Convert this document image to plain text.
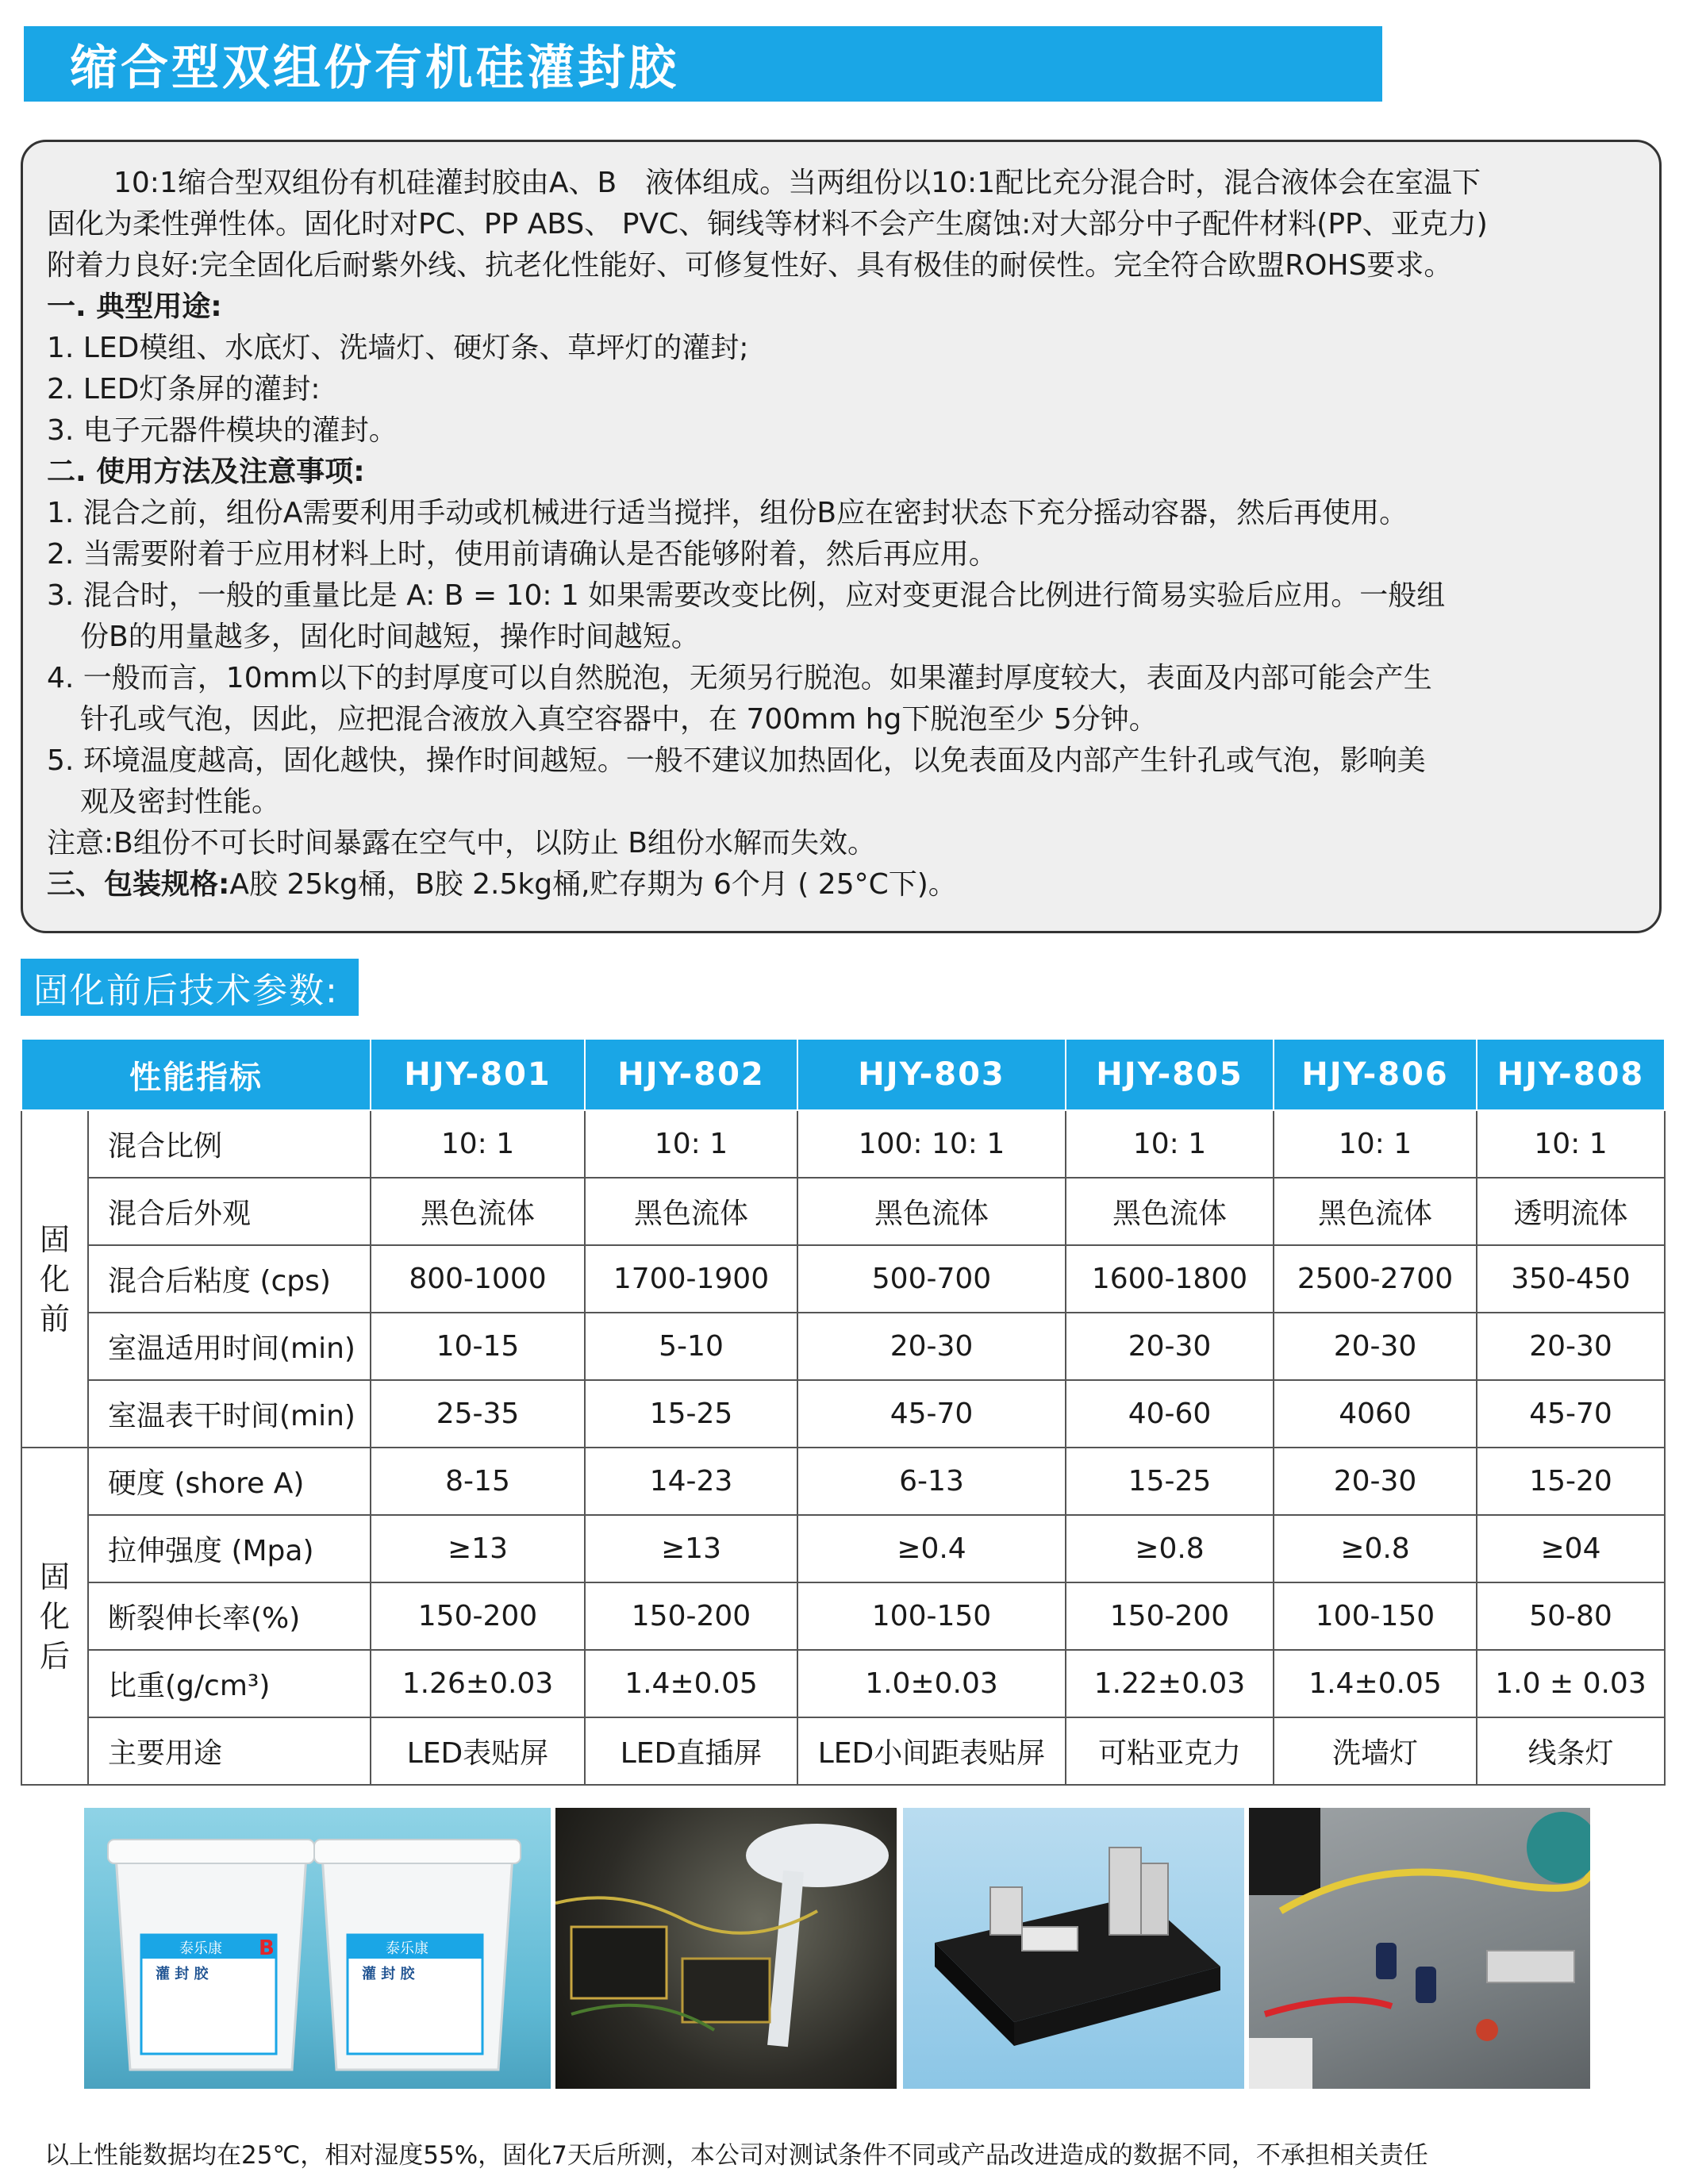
缩合型双组份有机硅灌封胶

10:1缩合型双组份有机硅灌封胶由A、B　液体组成。当两组份以10:1配比充分混合时，混合液体会在室温下

固化为柔性弹性体。固化时对PC、PP ABS、 PVC、铜线等材料不会产生腐蚀:对大部分中子配件材料(PP、亚克力)

附着力良好:完全固化后耐紫外线、抗老化性能好、可修复性好、具有极佳的耐侯性。完全符合欧盟ROHS要求。

一. 典型用途:

1. LED模组、水底灯、洗墙灯、硬灯条、草坪灯的灌封;

2. LED灯条屏的灌封:

3. 电子元器件模块的灌封。

二. 使用方法及注意事项:

1. 混合之前，组份A需要利用手动或机械进行适当搅拌，组份B应在密封状态下充分摇动容器，然后再使用。

2. 当需要附着于应用材料上时，使用前请确认是否能够附着，然后再应用。

3. 混合时，一般的重量比是 A: B = 10: 1 如果需要改变比例，应对变更混合比例进行简易实验后应用。一般组

份B的用量越多，固化时间越短，操作时间越短。

4. 一般而言，10mm以下的封厚度可以自然脱泡，无须另行脱泡。如果灌封厚度较大，表面及内部可能会产生

针孔或气泡，因此，应把混合液放入真空容器中，在 700mm hg下脱泡至少 5分钟。

5. 环境温度越高，固化越快，操作时间越短。一般不建议加热固化，以免表面及内部产生针孔或气泡，影响美

观及密封性能。

注意:B组份不可长时间暴露在空气中，以防止 B组份水解而失效。

三、包装规格:A胶 25kg桶，B胶 2.5kg桶,贮存期为 6个月 ( 25°C下)。

固化前后技术参数:
性能指标		HJY-801	HJY-802	HJY-803	HJY-805	HJY-806	HJY-808
固化前	混合比例	10: 1	10: 1	100: 10: 1	10: 1	10: 1	10: 1
	混合后外观	黑色流体	黑色流体	黑色流体	黑色流体	黑色流体	透明流体
	混合后粘度 (cps)	800-1000	1700-1900	500-700	1600-1800	2500-2700	350-450
	室温适用时间(min)	10-15	5-10	20-30	20-30	20-30	20-30
	室温表干时间(min)	25-35	15-25	45-70	40-60	4060	45-70
固化后	硬度 (shore A)	8-15	14-23	6-13	15-25	20-30	15-20
	拉伸强度 (Mpa)	≥13	≥13	≥0.4	≥0.8	≥0.8	≥04
	断裂伸长率(%)	150-200	150-200	100-150	150-200	100-150	50-80
	比重(g/cm³)	1.26±0.03	1.4±0.05	1.0±0.03	1.22±0.03	1.4±0.05	1.0 ± 0.03
	主要用途	LED表贴屏	LED直插屏	LED小间距表贴屏	可粘亚克力	洗墙灯	线条灯
泰乐康 B
灌 封 胶
泰乐康 A
灌 封 胶
以上性能数据均在25℃，相对湿度55%，固化7天后所测，本公司对测试条件不同或产品改进造成的数据不同，不承担相关责任
